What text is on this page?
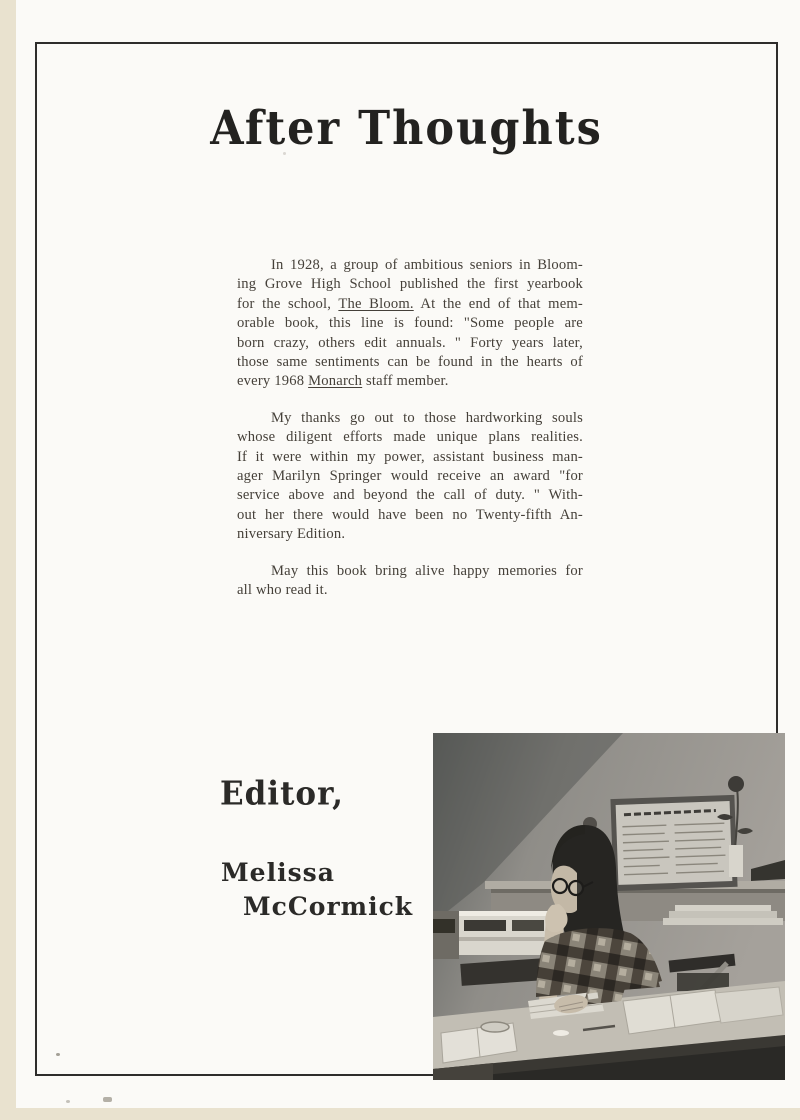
After Thoughts
In 1928, a group of ambitious seniors in Bloom-
ing Grove High School published the first yearbook
for the school, The Bloom. At the end of that mem-
orable book, this line is found: "Some people are
born crazy, others edit annuals. " Forty years later,
those same sentiments can be found in the hearts of
every 1968 Monarch staff member.
My thanks go out to those hardworking souls
whose diligent efforts made unique plans realities.
If it were within my power, assistant business man-
ager Marilyn Springer would receive an award "for
service above and beyond the call of duty. " With-
out her there would have been no Twenty-fifth An-
niversary Edition.
May this book bring alive happy memories for
all who read it.
Editor,
Melissa
McCormick
